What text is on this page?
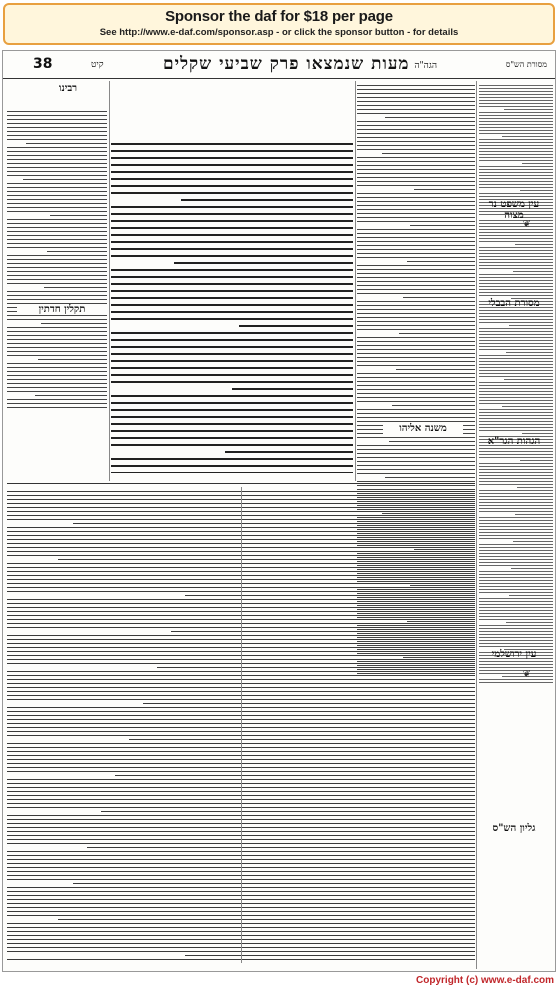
Sponsor the daf for $18 per page
See http://www.e-daf.com/sponsor.asp - or click the sponsor button - for details
38	קיט	מעות שנמצאו פרק שביעי שקלים הגה"ה	מסורת הש"ס
עין משפט נר מצוה
מסורת הבבלי
הגהות הגר"א
עין ירושלמי
גליון הש"ס
❦
❦
משנה אליהו
רבינו
תקלין חדתין
Copyright (c) www.e-daf.com
